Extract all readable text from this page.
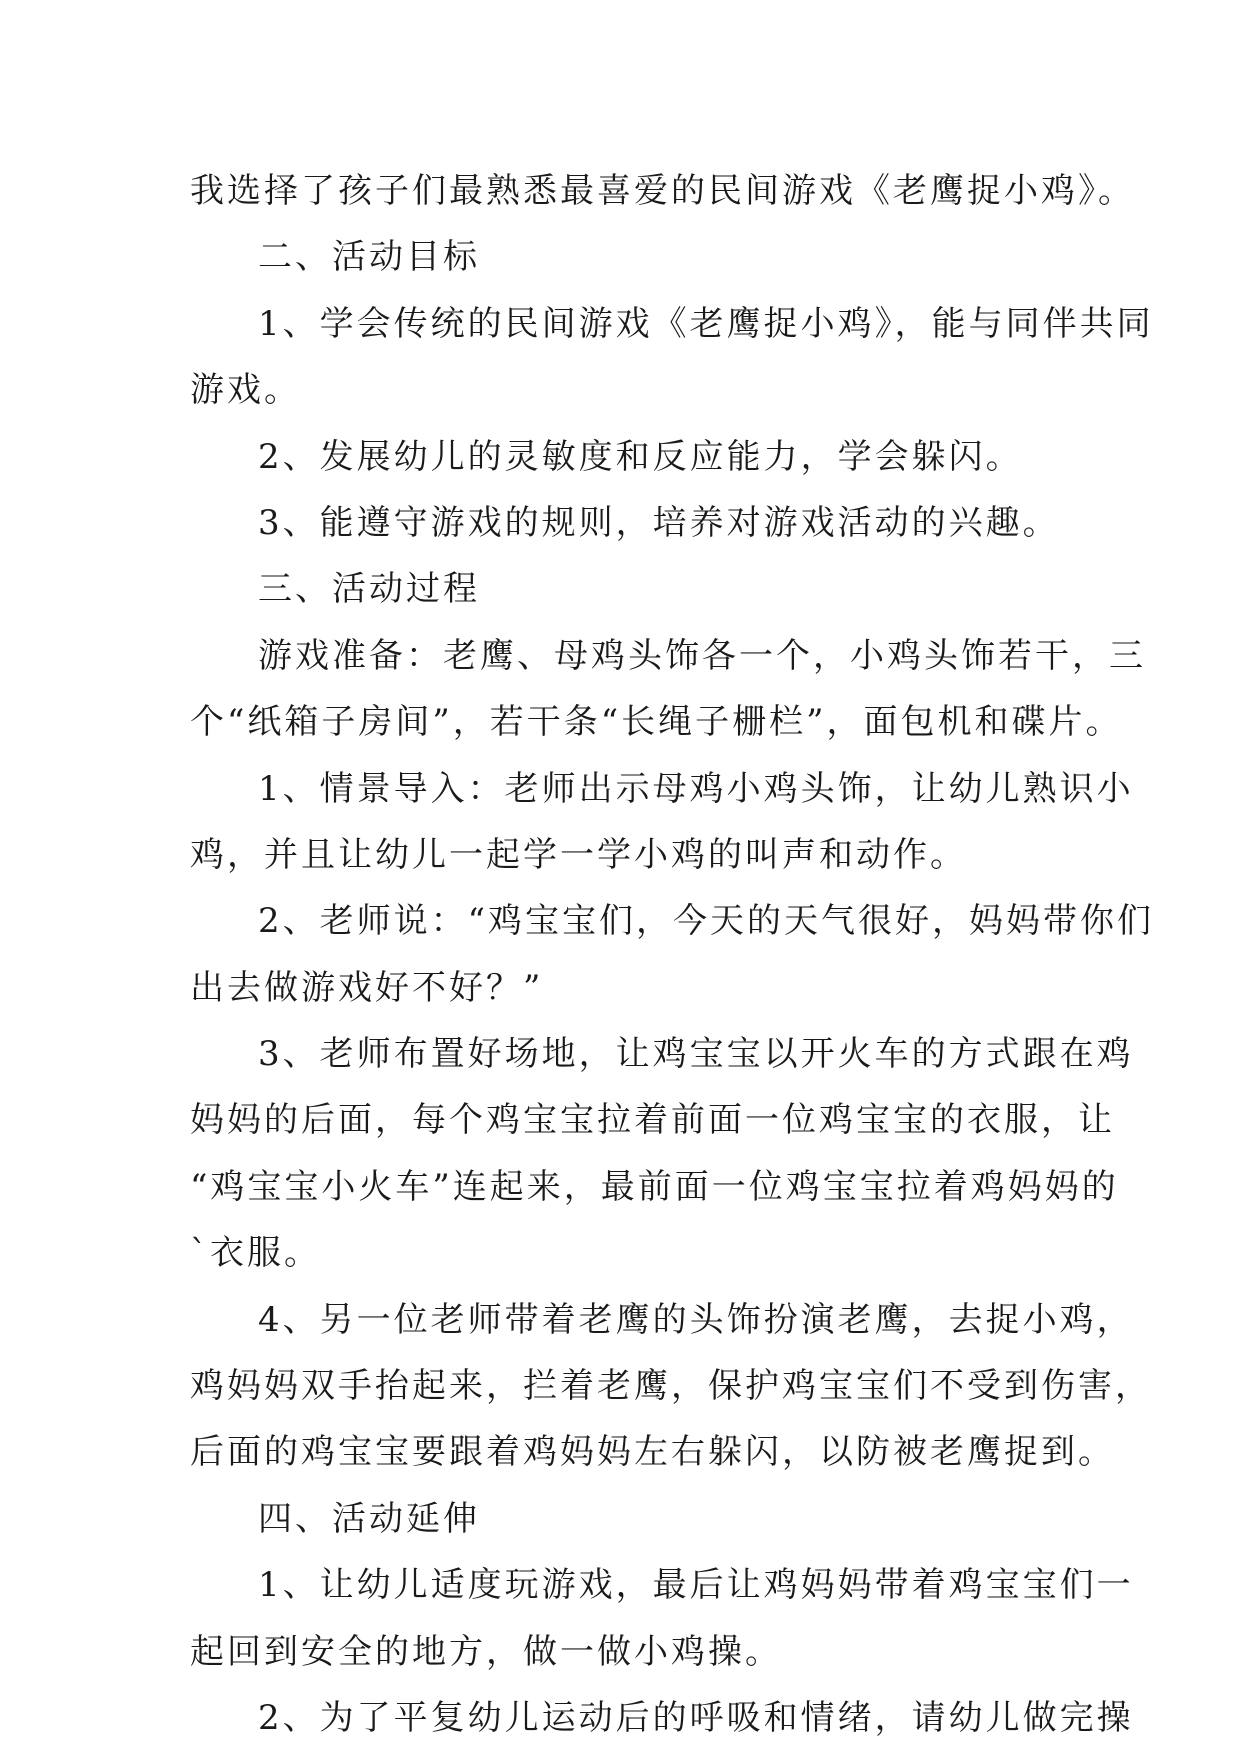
我选择了孩子们最熟悉最喜爱的民间游戏《老鹰捉小鸡》。
二、活动目标
1、学会传统的民间游戏《老鹰捉小鸡》，能与同伴共同
游戏。
2、发展幼儿的灵敏度和反应能力，学会躲闪。
3、能遵守游戏的规则，培养对游戏活动的兴趣。
三、活动过程
游戏准备：老鹰、母鸡头饰各一个，小鸡头饰若干，三
个“纸箱子房间”，若干条“长绳子栅栏”，面包机和碟片。
1、情景导入：老师出示母鸡小鸡头饰，让幼儿熟识小
鸡，并且让幼儿一起学一学小鸡的叫声和动作。
2、老师说：“鸡宝宝们，今天的天气很好，妈妈带你们
出去做游戏好不好？”
3、老师布置好场地，让鸡宝宝以开火车的方式跟在鸡
妈妈的后面，每个鸡宝宝拉着前面一位鸡宝宝的衣服，让
“鸡宝宝小火车”连起来，最前面一位鸡宝宝拉着鸡妈妈的
`衣服。
4、另一位老师带着老鹰的头饰扮演老鹰，去捉小鸡，
鸡妈妈双手抬起来，拦着老鹰，保护鸡宝宝们不受到伤害，
后面的鸡宝宝要跟着鸡妈妈左右躲闪，以防被老鹰捉到。
四、活动延伸
1、让幼儿适度玩游戏，最后让鸡妈妈带着鸡宝宝们一
起回到安全的地方，做一做小鸡操。
2、为了平复幼儿运动后的呼吸和情绪，请幼儿做完操
